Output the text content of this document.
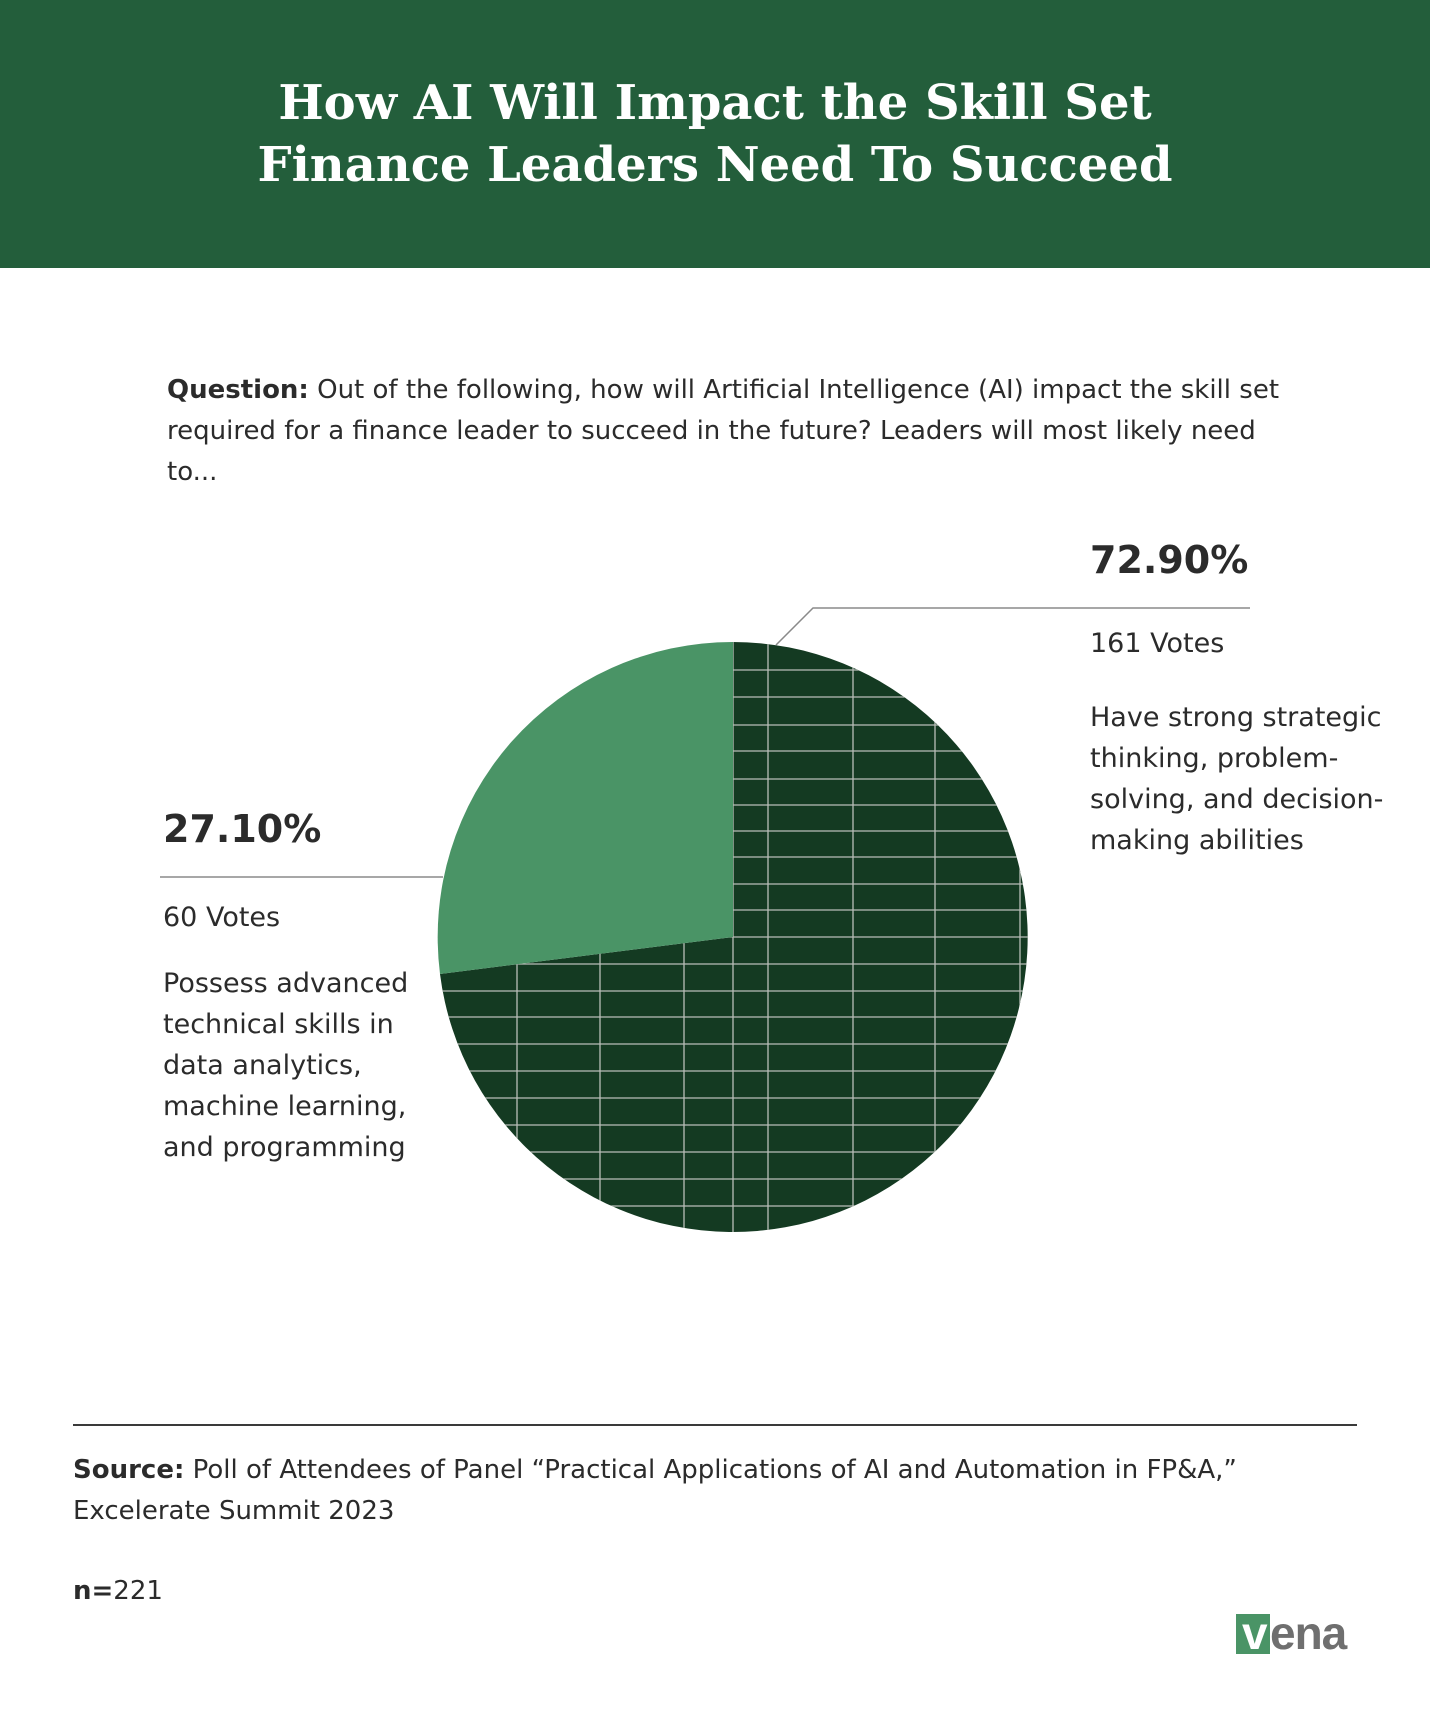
How AI Will Impact the Skill Set
Finance Leaders Need To Succeed
Question: Out of the following, how will Artificial Intelligence (AI) impact the skill set required for a finance leader to succeed in the future? Leaders will most likely need to...
72.90%
161 Votes
Have strong strategic thinking, problem-solving, and decision-making abilities
27.10%
60 Votes
Possess advanced technical skills in data analytics, machine learning, and programming
Source: Poll of Attendees of Panel “Practical Applications of AI and Automation in FP&A,” Excelerate Summit 2023
n=221
v ena
